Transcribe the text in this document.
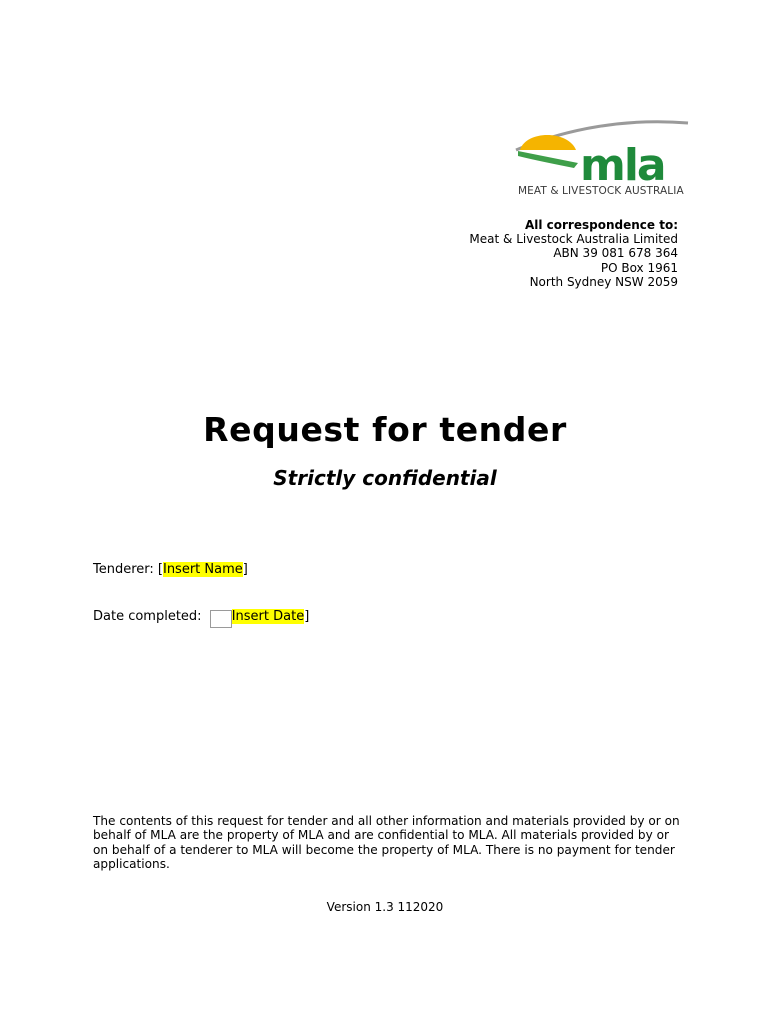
mla
MEAT & LIVESTOCK AUSTRALIA
All correspondence to:
Meat & Livestock Australia Limited
ABN 39 081 678 364
PO Box 1961
North Sydney NSW 2059
Request for tender
Strictly confidential
Tenderer: [Insert Name]
Date completed: Insert Date]
The contents of this request for tender and all other information and materials provided by or on behalf of MLA are the property of MLA and are confidential to MLA. All materials provided by or on behalf of a tenderer to MLA will become the property of MLA. There is no payment for tender applications.
Version 1.3 112020
